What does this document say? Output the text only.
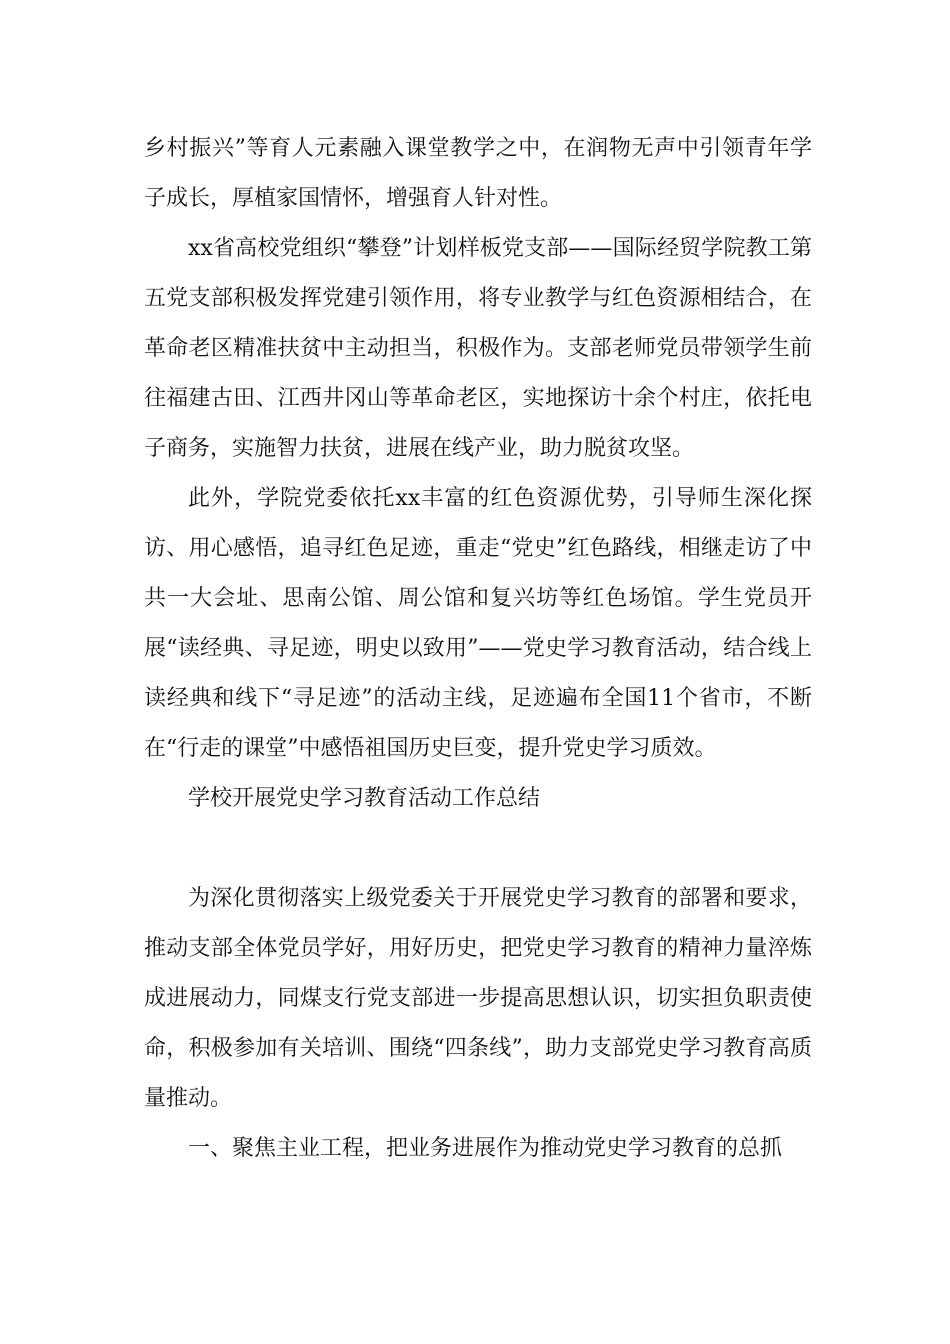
乡村振兴”等育人元素融入课堂教学之中，在润物无声中引领青年学子成长，厚植家国情怀，增强育人针对性。

xx省高校党组织“攀登”计划样板党支部——国际经贸学院教工第五党支部积极发挥党建引领作用，将专业教学与红色资源相结合，在革命老区精准扶贫中主动担当，积极作为。支部老师党员带领学生前往福建古田、江西井冈山等革命老区，实地探访十余个村庄，依托电子商务，实施智力扶贫，进展在线产业，助力脱贫攻坚。

此外，学院党委依托xx丰富的红色资源优势，引导师生深化探访、用心感悟，追寻红色足迹，重走“党史”红色路线，相继走访了中共一大会址、思南公馆、周公馆和复兴坊等红色场馆。学生党员开展“读经典、寻足迹，明史以致用”——党史学习教育活动，结合线上读经典和线下“寻足迹”的活动主线，足迹遍布全国11个省市，不断在“行走的课堂”中感悟祖国历史巨变，提升党史学习质效。

学校开展党史学习教育活动工作总结

为深化贯彻落实上级党委关于开展党史学习教育的部署和要求，推动支部全体党员学好，用好历史，把党史学习教育的精神力量淬炼成进展动力，同煤支行党支部进一步提高思想认识，切实担负职责使命，积极参加有关培训、围绕“四条线”，助力支部党史学习教育高质量推动。

一、聚焦主业工程，把业务进展作为推动党史学习教育的总抓
